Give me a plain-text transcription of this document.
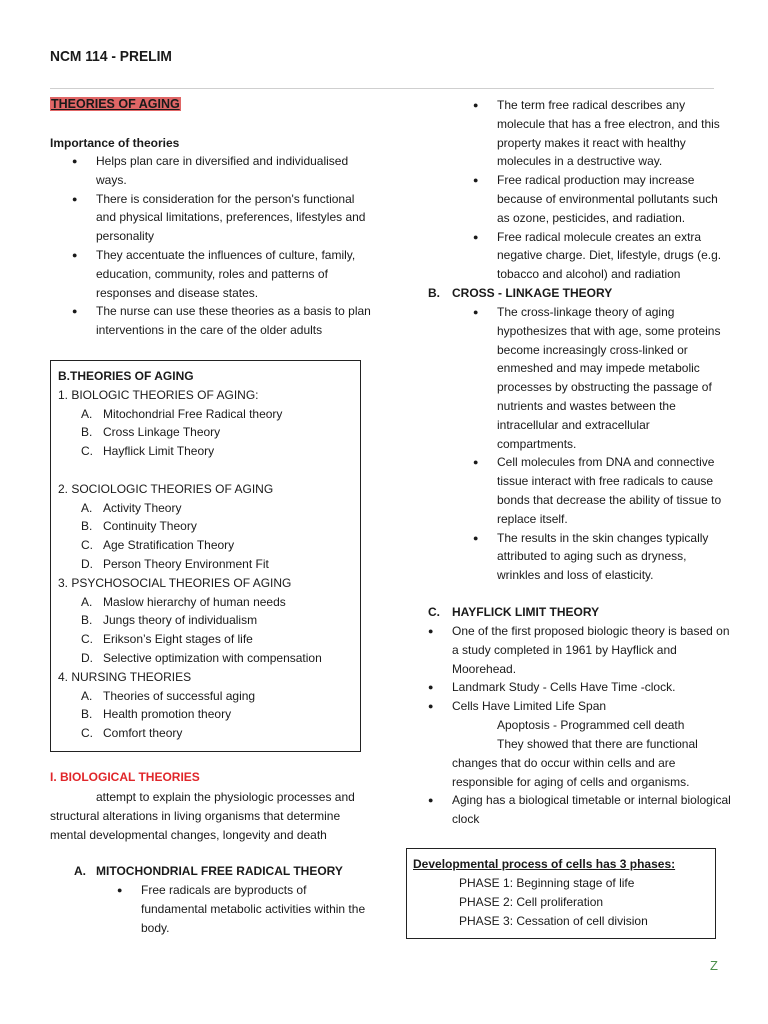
NCM 114 - PRELIM
THEORIES OF AGING
Importance of theories
● Helps plan care in diversified and individualised
ways.
● There is consideration for the person's functional
and physical limitations, preferences, lifestyles and
personality
● They accentuate the influences of culture, family,
education, community, roles and patterns of
responses and disease states.
● The nurse can use these theories as a basis to plan
interventions in the care of the older adults
B.THEORIES OF AGING
1. BIOLOGIC THEORIES OF AGING:
A. Mitochondrial Free Radical theory
B. Cross Linkage Theory
C. Hayflick Limit Theory
2. SOCIOLOGIC THEORIES OF AGING
A. Activity Theory
B. Continuity Theory
C. Age Stratification Theory
D. Person Theory Environment Fit
3. PSYCHOSOCIAL THEORIES OF AGING
A. Maslow hierarchy of human needs
B. Jungs theory of individualism
C. Erikson’s Eight stages of life
D. Selective optimization with compensation
4. NURSING THEORIES
A. Theories of successful aging
B. Health promotion theory
C. Comfort theory
I. BIOLOGICAL THEORIES
attempt to explain the physiologic processes and
structural alterations in living organisms that determine
mental developmental changes, longevity and death
A. MITOCHONDRIAL FREE RADICAL THEORY
● Free radicals are byproducts of
fundamental metabolic activities within the
body.
● The term free radical describes any
molecule that has a free electron, and this
property makes it react with healthy
molecules in a destructive way.
● Free radical production may increase
because of environmental pollutants such
as ozone, pesticides, and radiation.
● Free radical molecule creates an extra
negative charge. Diet, lifestyle, drugs (e.g.
tobacco and alcohol) and radiation
B. CROSS - LINKAGE THEORY
● The cross-linkage theory of aging
hypothesizes that with age, some proteins
become increasingly cross-linked or
enmeshed and may impede metabolic
processes by obstructing the passage of
nutrients and wastes between the
intracellular and extracellular
compartments.
● Cell molecules from DNA and connective
tissue interact with free radicals to cause
bonds that decrease the ability of tissue to
replace itself.
● The results in the skin changes typically
attributed to aging such as dryness,
wrinkles and loss of elasticity.
C. HAYFLICK LIMIT THEORY
● One of the first proposed biologic theory is based on
a study completed in 1961 by Hayflick and
Moorehead.
● Landmark Study - Cells Have Time -clock.
● Cells Have Limited Life Span
Apoptosis - Programmed cell death
They showed that there are functional
changes that do occur within cells and are
responsible for aging of cells and organisms.
● Aging has a biological timetable or internal biological
clock
Developmental process of cells has 3 phases:
PHASE 1: Beginning stage of life
PHASE 2: Cell proliferation
PHASE 3: Cessation of cell division
Z
